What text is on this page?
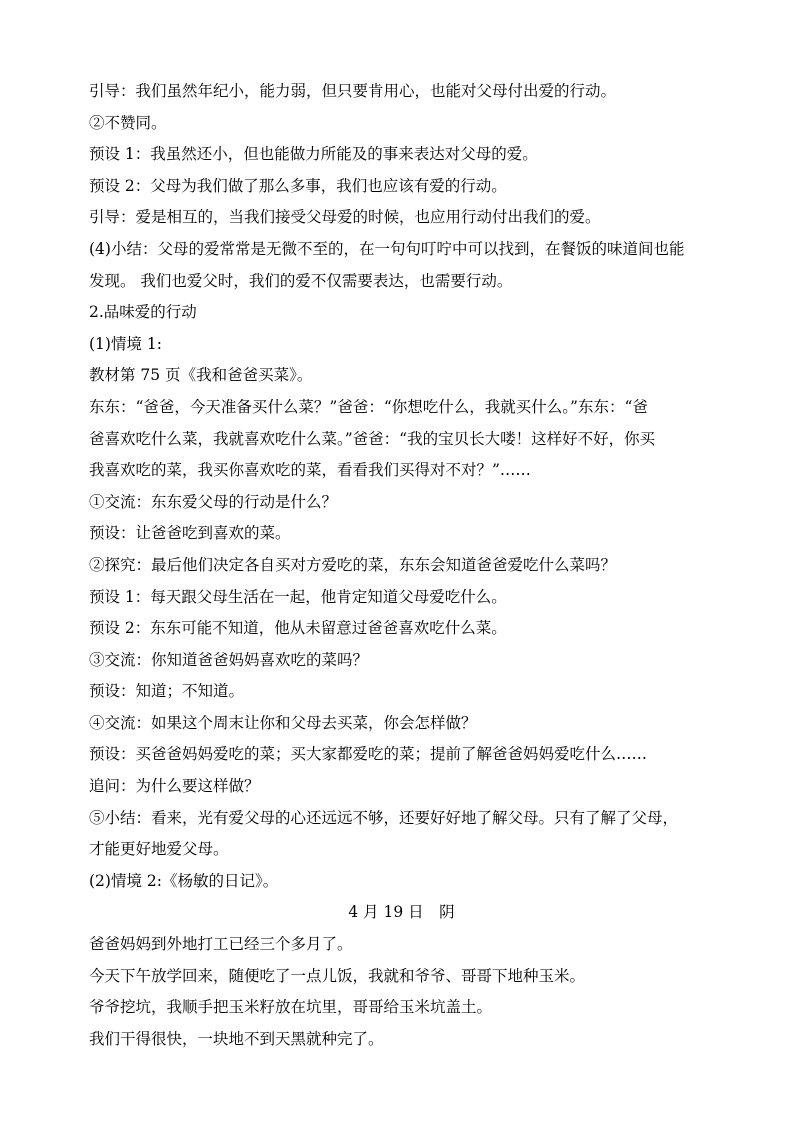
引导：我们虽然年纪小，能力弱，但只要肯用心，也能对父母付出爱的行动。
②不赞同。
预设 1：我虽然还小，但也能做力所能及的事来表达对父母的爱。
预设 2：父母为我们做了那么多事，我们也应该有爱的行动。
引导：爱是相互的，当我们接受父母爱的时候，也应用行动付出我们的爱。
(4)小结：父母的爱常常是无微不至的，在一句句叮咛中可以找到，在餐饭的味道间也能
发现。 我们也爱父时，我们的爱不仅需要表达，也需要行动。
2.品味爱的行动
(1)情境 1:
教材第 75 页《我和爸爸买菜》。
东东：“爸爸，今天准备买什么菜？”爸爸：“你想吃什么，我就买什么。”东东：“爸
爸喜欢吃什么菜，我就喜欢吃什么菜。”爸爸：“我的宝贝长大喽！这样好不好，你买
我喜欢吃的菜，我买你喜欢吃的菜，看看我们买得对不对？”……
①交流：东东爱父母的行动是什么？
预设：让爸爸吃到喜欢的菜。
②探究：最后他们决定各自买对方爱吃的菜，东东会知道爸爸爱吃什么菜吗？
预设 1：每天跟父母生活在一起，他肯定知道父母爱吃什么。
预设 2：东东可能不知道，他从未留意过爸爸喜欢吃什么菜。
③交流：你知道爸爸妈妈喜欢吃的菜吗？
预设：知道；不知道。
④交流：如果这个周末让你和父母去买菜，你会怎样做？
预设：买爸爸妈妈爱吃的菜；买大家都爱吃的菜；提前了解爸爸妈妈爱吃什么……
追问：为什么要这样做？
⑤小结：看来，光有爱父母的心还远远不够，还要好好地了解父母。只有了解了父母，
才能更好地爱父母。
(2)情境 2:《杨敏的日记》。
4 月 19 日　阴
爸爸妈妈到外地打工已经三个多月了。
今天下午放学回来，随便吃了一点儿饭，我就和爷爷、哥哥下地种玉米。
爷爷挖坑，我顺手把玉米籽放在坑里，哥哥给玉米坑盖土。
我们干得很快，一块地不到天黑就种完了。
